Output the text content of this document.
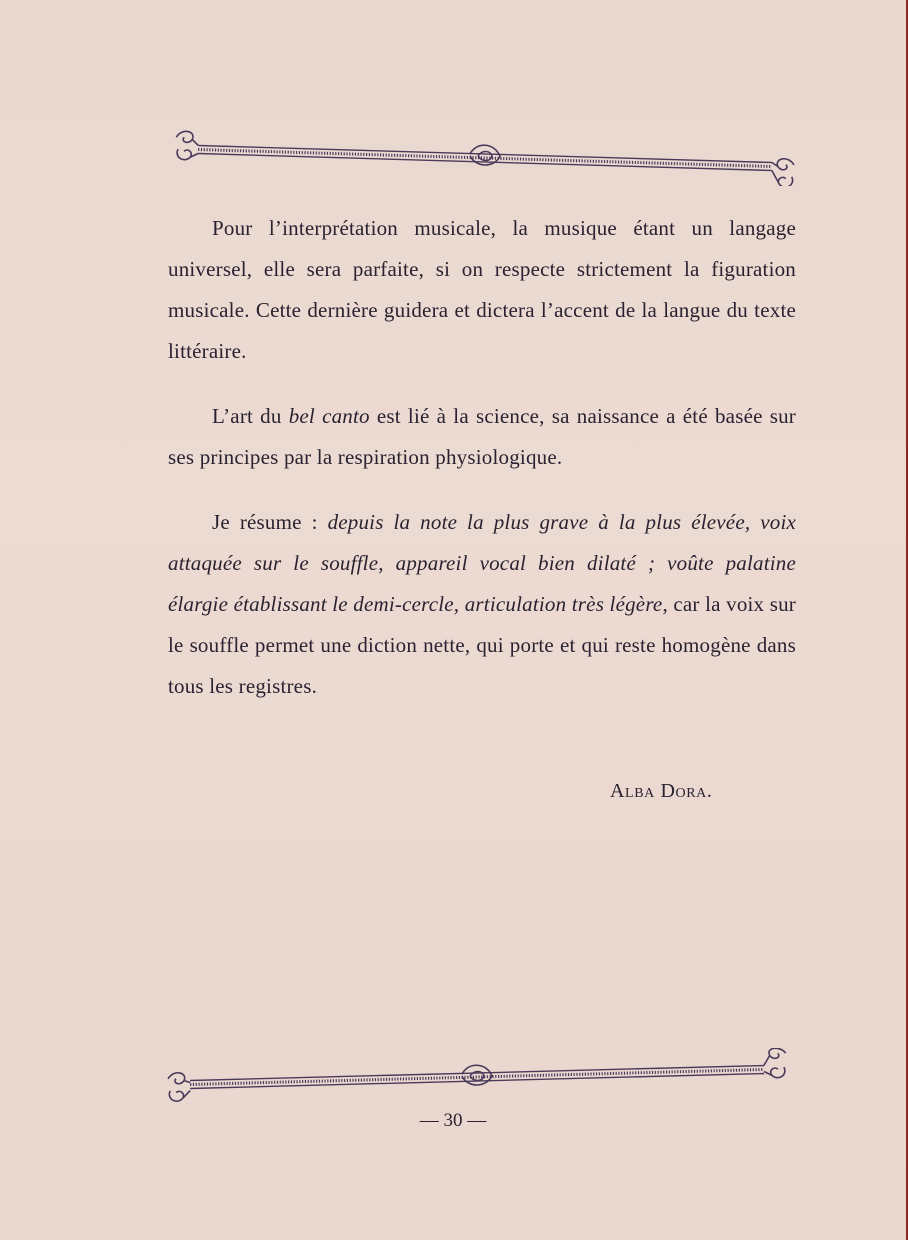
Pour l’interprétation musicale, la musique étant un langage universel, elle sera parfaite, si on respecte strictement la figuration musicale. Cette dernière guidera et dictera l’accent de la langue du texte littéraire.

L’art du bel canto est lié à la science, sa naissance a été basée sur ses principes par la respiration physiologique.

Je résume : depuis la note la plus grave à la plus élevée, voix attaquée sur le souffle, appareil vocal bien dilaté ; voûte palatine élargie établissant le demi-cercle, articulation très légère, car la voix sur le souffle permet une diction nette, qui porte et qui reste homogène dans tous les registres.

Alba Dora.
— 30 —
